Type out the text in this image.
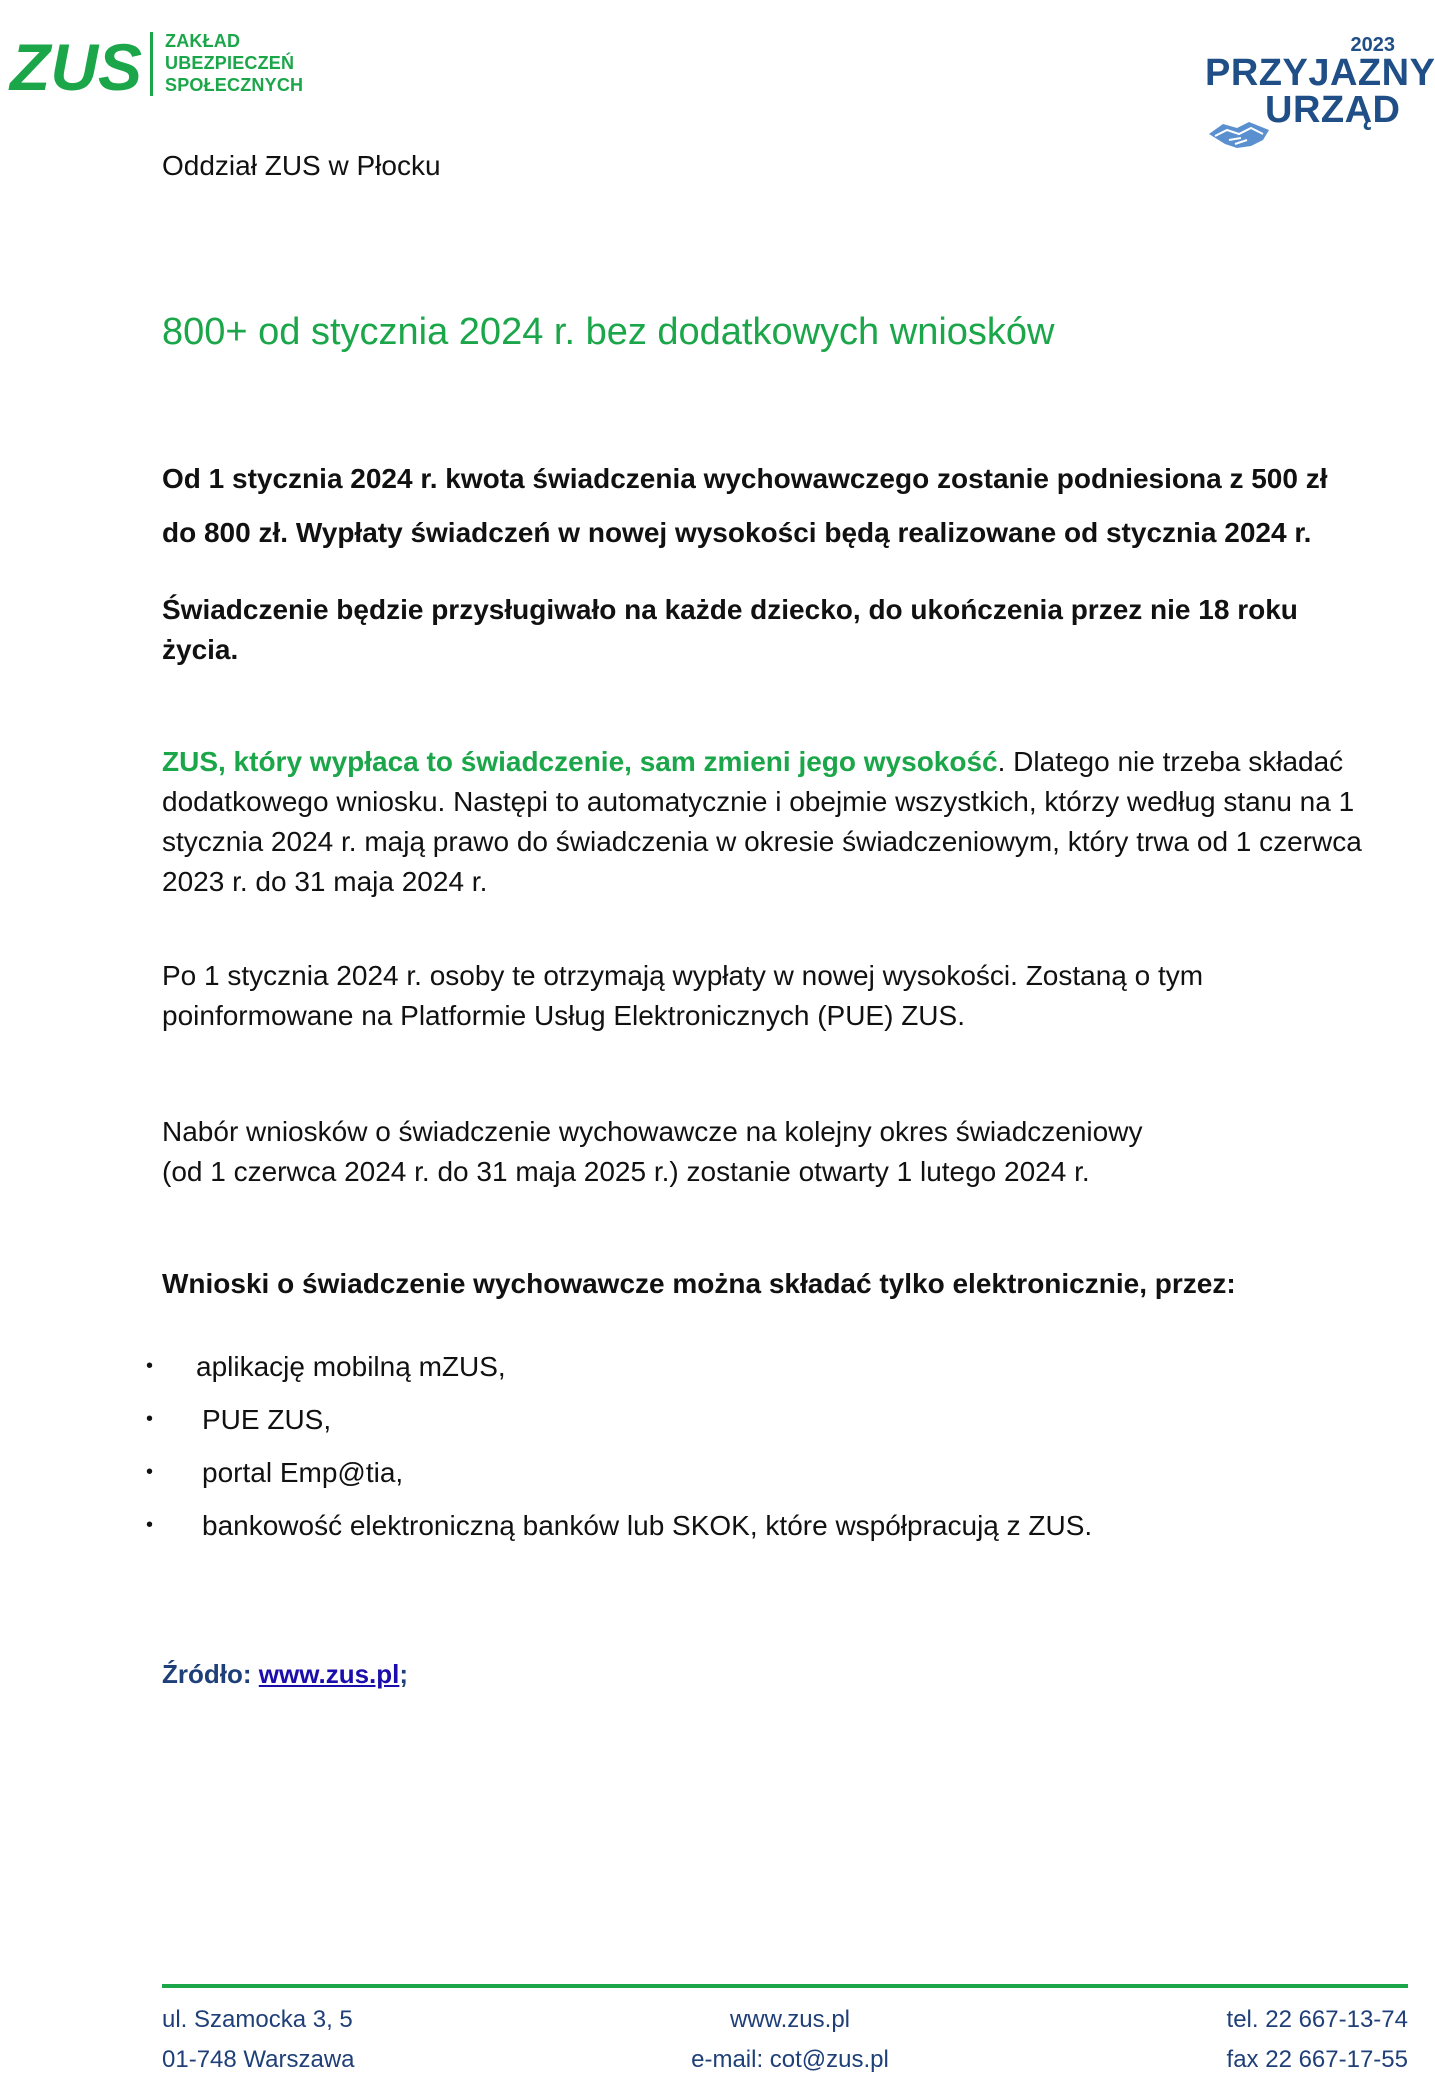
ZUS ZAKŁAD
UBEZPIECZEŃ
SPOŁECZNYCH
2023
PRZYJAZNY
URZĄD
Oddział ZUS w Płocku
800+ od stycznia 2024 r. bez dodatkowych wniosków
Od 1 stycznia 2024 r. kwota świadczenia wychowawczego zostanie podniesiona z 500 zł
do 800 zł. Wypłaty świadczeń w nowej wysokości będą realizowane od stycznia 2024 r.
Świadczenie będzie przysługiwało na każde dziecko, do ukończenia przez nie 18 roku życia.
ZUS, który wypłaca to świadczenie, sam zmieni jego wysokość. Dlatego nie trzeba składać dodatkowego wniosku. Następi to automatycznie i obejmie wszystkich, którzy według stanu na 1 stycznia 2024 r. mają prawo do świadczenia w okresie świadczeniowym, który trwa od 1 czerwca 2023 r. do 31 maja 2024 r.
Po 1 stycznia 2024 r. osoby te otrzymają wypłaty w nowej wysokości. Zostaną o tym poinformowane na Platformie Usług Elektronicznych (PUE) ZUS.
Nabór wniosków o świadczenie wychowawcze na kolejny okres świadczeniowy
(od 1 czerwca 2024 r. do 31 maja 2025 r.) zostanie otwarty 1 lutego 2024 r.
Wnioski o świadczenie wychowawcze można składać tylko elektronicznie, przez:
• aplikację mobilną mZUS,
• PUE ZUS,
• portal Emp@tia,
• bankowość elektroniczną banków lub SKOK, które współpracują z ZUS.
Źródło: www.zus.pl;
ul. Szamocka 3, 5
01-748 Warszawa
www.zus.pl
e-mail: cot@zus.pl
tel. 22 667-13-74
fax 22 667-17-55
